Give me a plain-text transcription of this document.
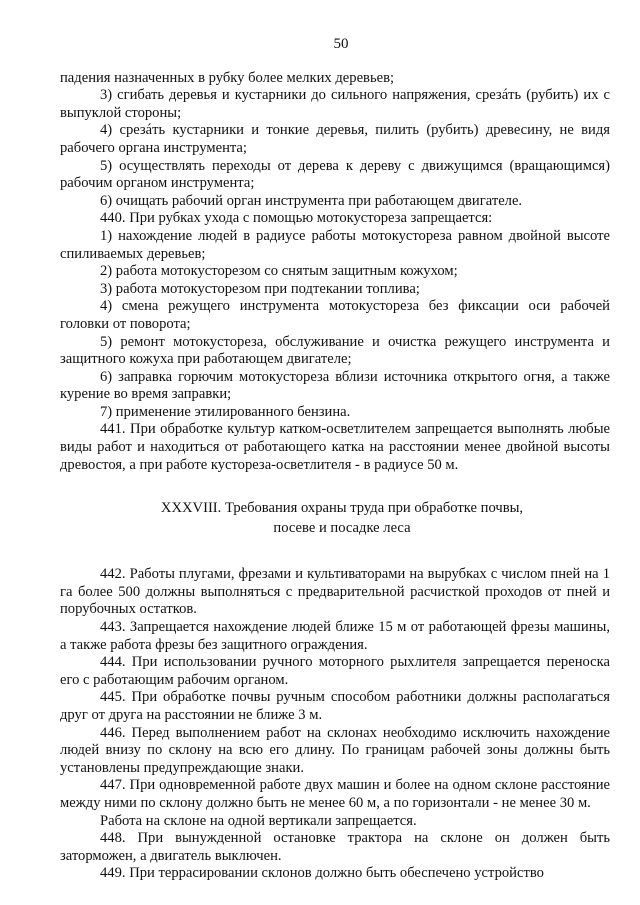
50

падения назначенных в рубку более мелких деревьев;

3) сгибать деревья и кустарники до сильного напряжения, срезáть (рубить) их с выпуклой стороны;

4) срезáть кустарники и тонкие деревья, пилить (рубить) древесину, не видя рабочего органа инструмента;

5) осуществлять переходы от дерева к дереву с движущимся (вращающимся) рабочим органом инструмента;

6) очищать рабочий орган инструмента при работающем двигателе.

440. При рубках ухода с помощью мотокустореза запрещается:

1) нахождение людей в радиусе работы мотокустореза равном двойной высоте спиливаемых деревьев;

2) работа мотокусторезом со снятым защитным кожухом;

3) работа мотокусторезом при подтекании топлива;

4) смена режущего инструмента мотокустореза без фиксации оси рабочей головки от поворота;

5) ремонт мотокустореза, обслуживание и очистка режущего инструмента и защитного кожуха при работающем двигателе;

6) заправка горючим мотокустореза вблизи источника открытого огня, а также курение во время заправки;

7) применение этилированного бензина.

441. При обработке культур катком-осветлителем запрещается выполнять любые виды работ и находиться от работающего катка на расстоянии менее двойной высоты древостоя, а при работе кустореза-осветлителя - в радиусе 50 м.

XXXVIII. Требования охраны труда при обработке почвы,
посеве и посадке леса

442. Работы плугами, фрезами и культиваторами на вырубках с числом пней на 1 га более 500 должны выполняться с предварительной расчисткой проходов от пней и порубочных остатков.

443. Запрещается нахождение людей ближе 15 м от работающей фрезы машины, а также работа фрезы без защитного ограждения.

444. При использовании ручного моторного рыхлителя запрещается переноска его с работающим рабочим органом.

445. При обработке почвы ручным способом работники должны располагаться друг от друга на расстоянии не ближе 3 м.

446. Перед выполнением работ на склонах необходимо исключить нахождение людей внизу по склону на всю его длину. По границам рабочей зоны должны быть установлены предупреждающие знаки.

447. При одновременной работе двух машин и более на одном склоне расстояние между ними по склону должно быть не менее 60 м, а по горизонтали - не менее 30 м.

Работа на склоне на одной вертикали запрещается.

448. При вынужденной остановке трактора на склоне он должен быть заторможен, а двигатель выключен.

449. При террасировании склонов должно быть обеспечено устройство
